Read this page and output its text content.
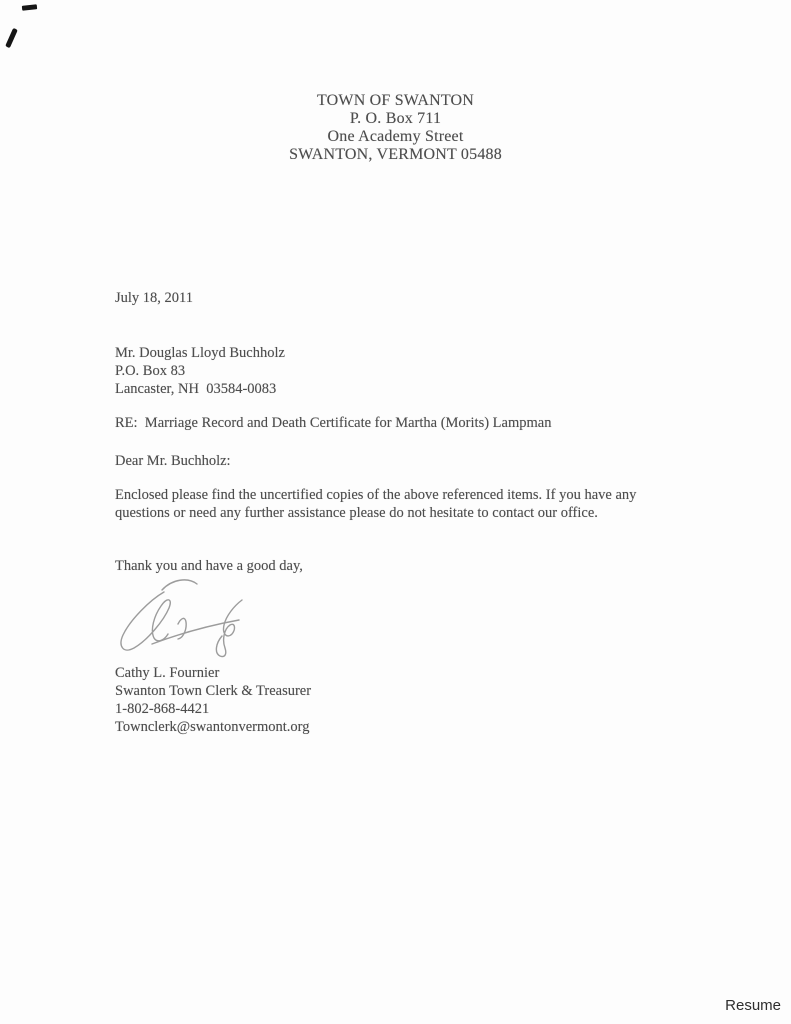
TOWN OF SWANTON
P. O. Box 711
One Academy Street
SWANTON, VERMONT 05488
July 18, 2011
Mr. Douglas Lloyd Buchholz
P.O. Box 83
Lancaster, NH  03584-0083
RE:  Marriage Record and Death Certificate for Martha (Morits) Lampman
Dear Mr. Buchholz:
Enclosed please find the uncertified copies of the above referenced items. If you have any
questions or need any further assistance please do not hesitate to contact our office.
Thank you and have a good day,
Cathy L. Fournier
Swanton Town Clerk & Treasurer
1-802-868-4421
Townclerk@swantonvermont.org
Resume
